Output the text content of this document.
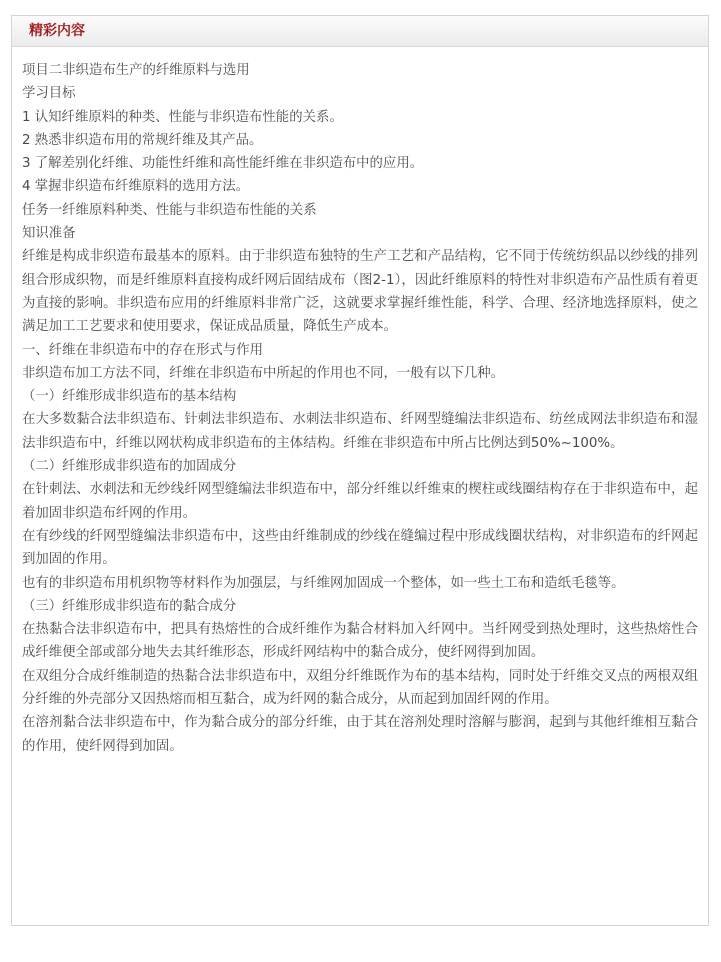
精彩内容

项目二非织造布生产的纤维原料与选用

学习目标

1 认知纤维原料的种类、性能与非织造布性能的关系。

2 熟悉非织造布用的常规纤维及其产品。

3 了解差别化纤维、功能性纤维和高性能纤维在非织造布中的应用。

4 掌握非织造布纤维原料的选用方法。

任务一纤维原料种类、性能与非织造布性能的关系

知识准备

纤维是构成非织造布最基本的原料。由于非织造布独特的生产工艺和产品结构，它不同于传统纺织品以纱线的排列组合形成织物，而是纤维原料直接构成纤网后固结成布（图2-1），因此纤维原料的特性对非织造布产品性质有着更为直接的影响。非织造布应用的纤维原料非常广泛，这就要求掌握纤维性能，科学、合理、经济地选择原料，使之满足加工工艺要求和使用要求，保证成品质量，降低生产成本。

一、纤维在非织造布中的存在形式与作用

非织造布加工方法不同，纤维在非织造布中所起的作用也不同，一般有以下几种。

（一）纤维形成非织造布的基本结构

在大多数黏合法非织造布、针刺法非织造布、水刺法非织造布、纤网型缝编法非织造布、纺丝成网法非织造布和湿法非织造布中，纤维以网状构成非织造布的主体结构。纤维在非织造布中所占比例达到50%~100%。

（二）纤维形成非织造布的加固成分

在针刺法、水刺法和无纱线纤网型缝编法非织造布中，部分纤维以纤维束的楔柱或线圈结构存在于非织造布中，起着加固非织造布纤网的作用。

在有纱线的纤网型缝编法非织造布中，这些由纤维制成的纱线在缝编过程中形成线圈状结构，对非织造布的纤网起到加固的作用。

也有的非织造布用机织物等材料作为加强层，与纤维网加固成一个整体，如一些土工布和造纸毛毯等。

（三）纤维形成非织造布的黏合成分

在热黏合法非织造布中，把具有热熔性的合成纤维作为黏合材料加入纤网中。当纤网受到热处理时，这些热熔性合成纤维便全部或部分地失去其纤维形态，形成纤网结构中的黏合成分，使纤网得到加固。

在双组分合成纤维制造的热黏合法非织造布中，双组分纤维既作为布的基本结构，同时处于纤维交叉点的两根双组分纤维的外壳部分又因热熔而相互黏合，成为纤网的黏合成分，从而起到加固纤网的作用。

在溶剂黏合法非织造布中，作为黏合成分的部分纤维，由于其在溶剂处理时溶解与膨润，起到与其他纤维相互黏合的作用，使纤网得到加固。
